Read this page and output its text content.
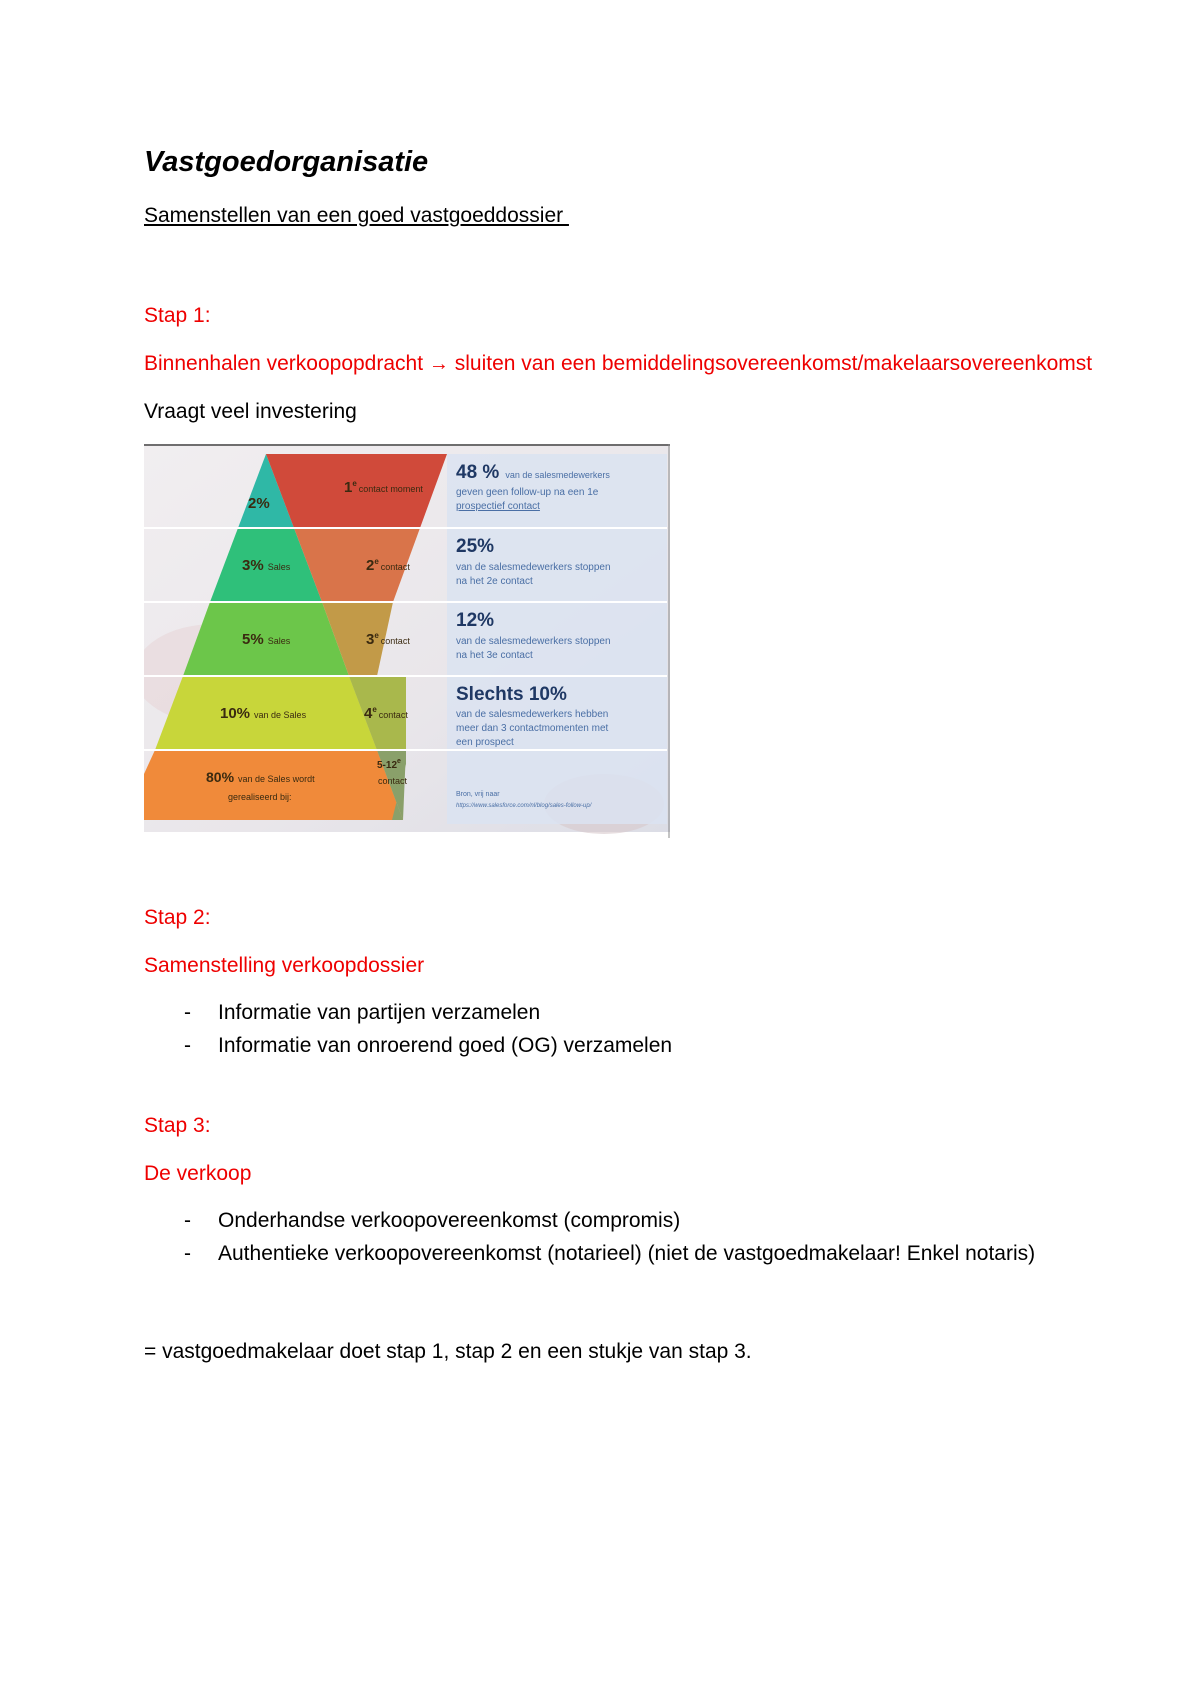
Vastgoedorganisatie
Samenstellen van een goed vastgoeddossier
Stap 1:
Binnenhalen verkoopopdracht → sluiten van een bemiddelingsovereenkomst/makelaarsovereenkomst
Vraagt veel investering
2%
3% Sales
5% Sales
10% van de Sales
80% van de Sales wordt
gerealiseerd bij:
$1^e_{contact moment}$
$2^e_{contact}$
$3^e_{contact}$
$4^e_{contact}$
5-12e
contact
48 % van de salesmedewerkers
geven geen follow-up na een 1e
prospectief contact
25%
van de salesmedewerkers stoppen
na het 2e contact
12%
van de salesmedewerkers stoppen
na het 3e contact
Slechts 10%
van de salesmedewerkers hebben
meer dan 3 contactmomenten met
een prospect
Bron, vrij naar
https://www.salesforce.com/nl/blog/sales-follow-up/
Stap 2:
Samenstelling verkoopdossier
- Informatie van partijen verzamelen
- Informatie van onroerend goed (OG) verzamelen
Stap 3:
De verkoop
- Onderhandse verkoopovereenkomst (compromis)
- Authentieke verkoopovereenkomst (notarieel) (niet de vastgoedmakelaar! Enkel notaris)
= vastgoedmakelaar doet stap 1, stap 2 en een stukje van stap 3.
